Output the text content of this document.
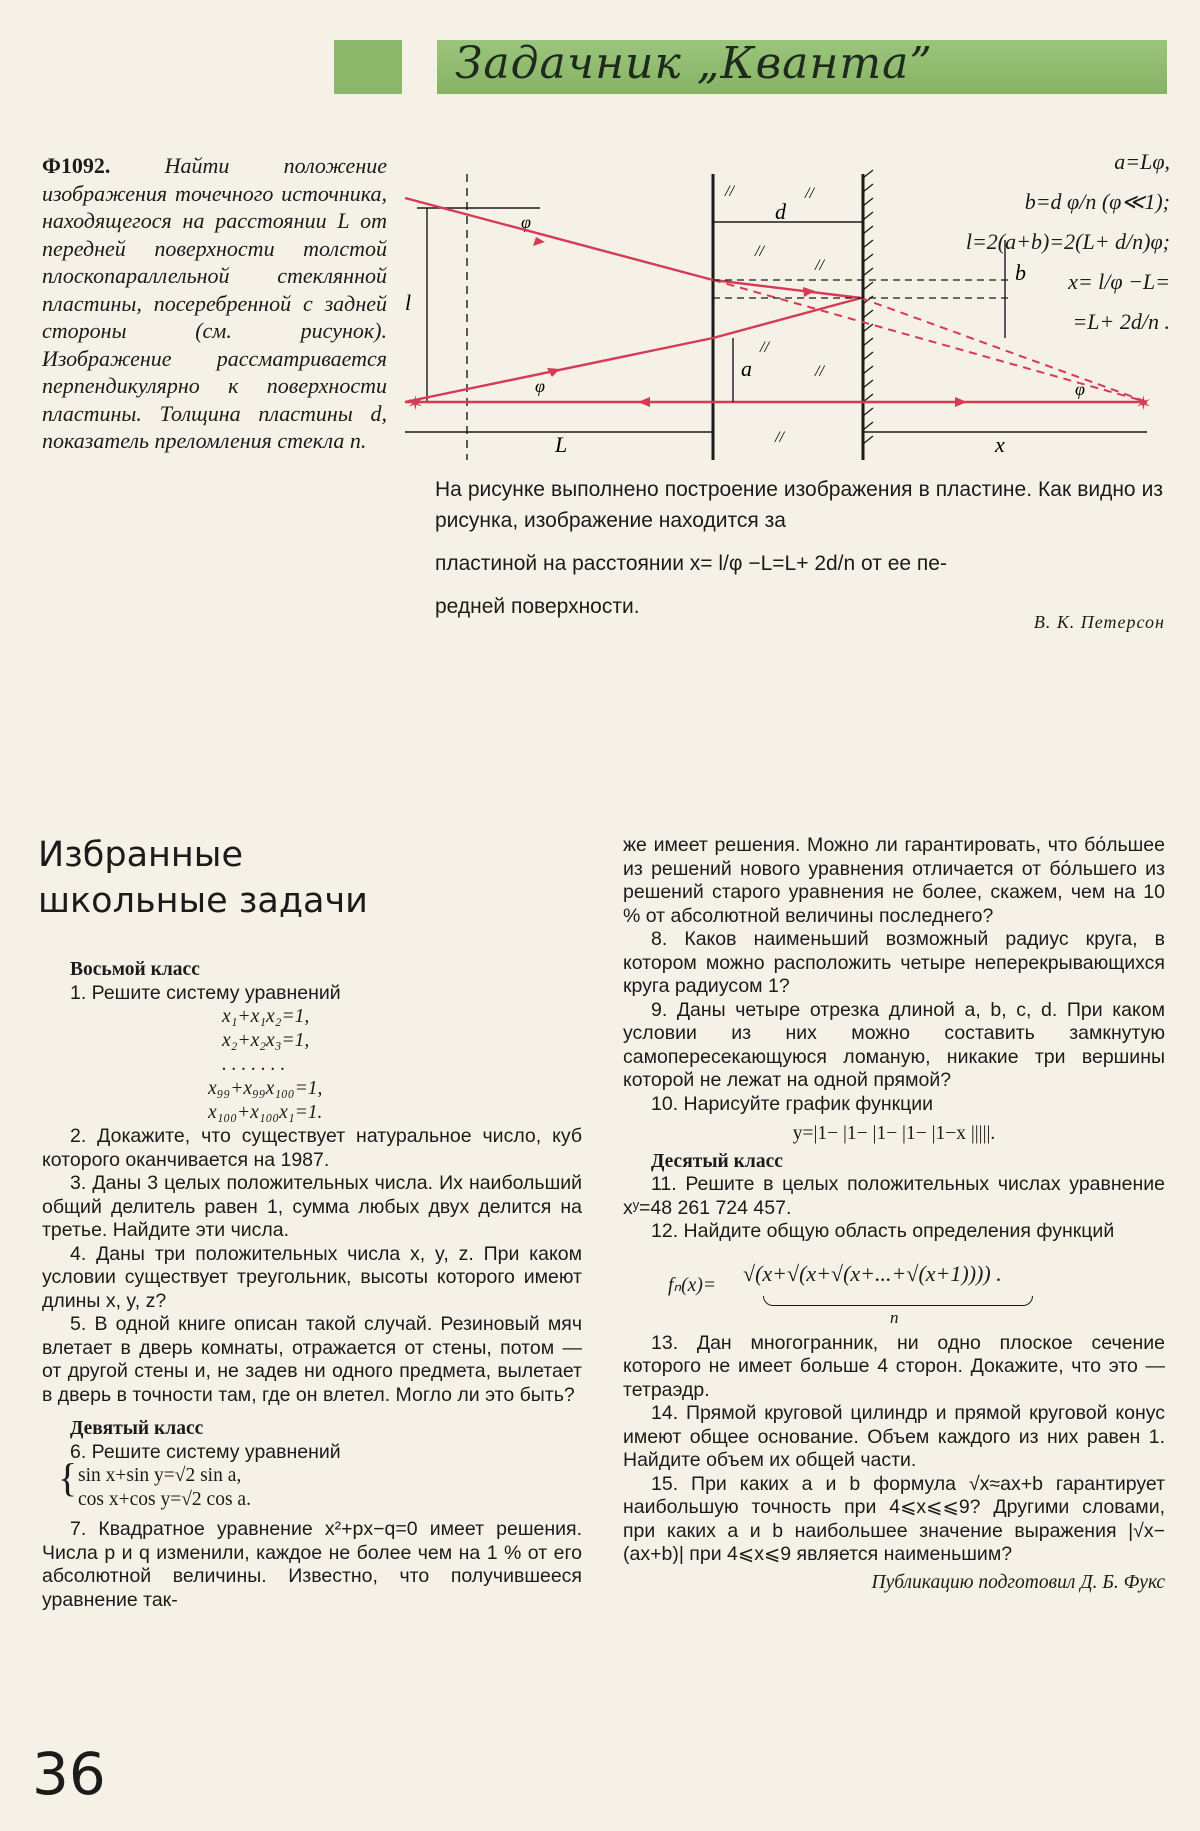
Задачник „Кванта”
Ф1092. Найти положение изображения точечного источника, находящегося на расстоянии L от передней поверхности толстой плоскопараллельной стеклянной пластины, посеребренной с задней стороны (см. рисунок). Изображение рассматривается перпендикулярно к поверхности пластины. Толщина пластины d, показатель преломления стекла n.
a=Lφ,
b=d φ/n (φ≪1);
l=2(a+b)=2(L+ d/n)φ;
x= l/φ −L=
=L+ 2d/n .
d
l
φ
φ
✶	✶
a
b
φ
L	x
//	//
//
//
//
//
//
На рисунке выполнено построение изображения в пластине. Как видно из рисунка, изображение находится за
пластиной на расстоянии x= l/φ −L=L+ 2d/n от ее пе-
редней поверхности.
В. К. Петерсон
Избранные школьные задачи
Восьмой класс
1. Решите систему уравнений
x₁+x₁x₂=1,
x₂+x₂x₃=1,
. . . . . . .
x₉₉+x₉₉x₁₀₀=1,
x₁₀₀+x₁₀₀x₁=1.
2. Докажите, что существует натуральное число, куб которого оканчивается на 1987.
3. Даны 3 целых положительных числа. Их наибольший общий делитель равен 1, сумма любых двух делится на третье. Найдите эти числа.
4. Даны три положительных числа x, y, z. При каком условии существует треугольник, высоты которого имеют длины x, y, z?
5. В одной книге описан такой случай. Резиновый мяч влетает в дверь комнаты, отражается от стены, потом — от другой стены и, не задев ни одного предмета, вылетает в дверь в точности там, где он влетел. Могло ли это быть?
Девятый класс
6. Решите систему уравнений
{ sin x+sin y=√2 sin a,
cos x+cos y=√2 cos a.
7. Квадратное уравнение x²+px−q=0 имеет решения. Числа p и q изменили, каждое не более чем на 1 % от его абсолютной величины. Известно, что получившееся уравнение так-
же имеет решения. Можно ли гарантировать, что бо́льшее из решений нового уравнения отличается от бо́льшего из решений старого уравнения не более, скажем, чем на 10 % от абсолютной величины последнего?
8. Каков наименьший возможный радиус круга, в котором можно расположить четыре неперекрывающихся круга радиусом 1?
9. Даны четыре отрезка длиной a, b, c, d. При каком условии из них можно составить замкнутую самопересекающуюся ломаную, никакие три вершины которой не лежат на одной прямой?
10. Нарисуйте график функции
y=|1− |1− |1− |1− |1−x |||||.
Десятый класс
11. Решите в целых положительных числах уравнение xʸ=48 261 724 457.
12. Найдите общую область определения функций
fₙ(x)= √(x+√(x+√(x+...+√(x+1)))) .
n
13. Дан многогранник, ни одно плоское сечение которого не имеет больше 4 сторон. Докажите, что это — тетраэдр.
14. Прямой круговой цилиндр и прямой круговой конус имеют общее основание. Объем каждого из них равен 1. Найдите объем их общей части.
15. При каких a и b формула √x≈ax+b гарантирует наибольшую точность при 4⩽x⩽⩽9? Другими словами, при каких a и b наибольшее значение выражения |√x−(ax+b)| при 4⩽x⩽9 является наименьшим?
Публикацию подготовил Д. Б. Фукс
36
